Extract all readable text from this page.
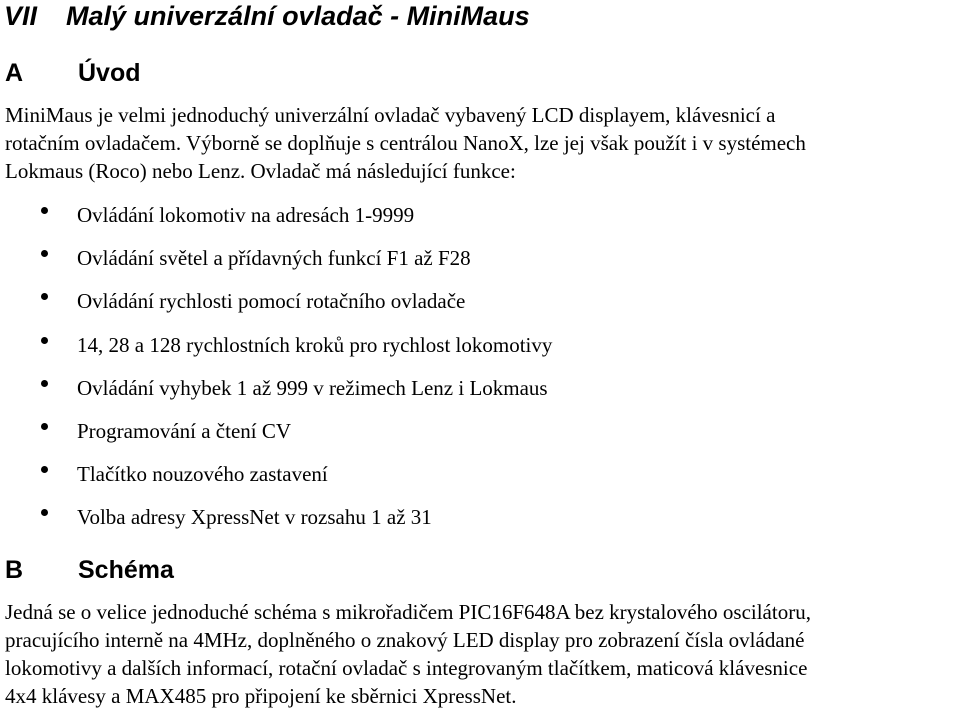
VII Malý univerzální ovladač - MiniMaus
A Úvod
MiniMaus je velmi jednoduchý univerzální ovladač vybavený LCD displayem, klávesnicí a
rotačním ovladačem. Výborně se doplňuje s centrálou NanoX, lze jej však použít i v systémech
Lokmaus (Roco) nebo Lenz. Ovladač má následující funkce:
Ovládání lokomotiv na adresách 1-9999
Ovládání světel a přídavných funkcí F1 až F28
Ovládání rychlosti pomocí rotačního ovladače
14, 28 a 128 rychlostních kroků pro rychlost lokomotivy
Ovládání vyhybek 1 až 999 v režimech Lenz i Lokmaus
Programování a čtení CV
Tlačítko nouzového zastavení
Volba adresy XpressNet v rozsahu 1 až 31
B Schéma
Jedná se o velice jednoduché schéma s mikrořadičem PIC16F648A bez krystalového oscilátoru,
pracujícího interně na 4MHz, doplněného o znakový LED display pro zobrazení čísla ovládané
lokomotivy a dalších informací, rotační ovladač s integrovaným tlačítkem, maticová klávesnice
4x4 klávesy a MAX485 pro připojení ke sběrnici XpressNet.
